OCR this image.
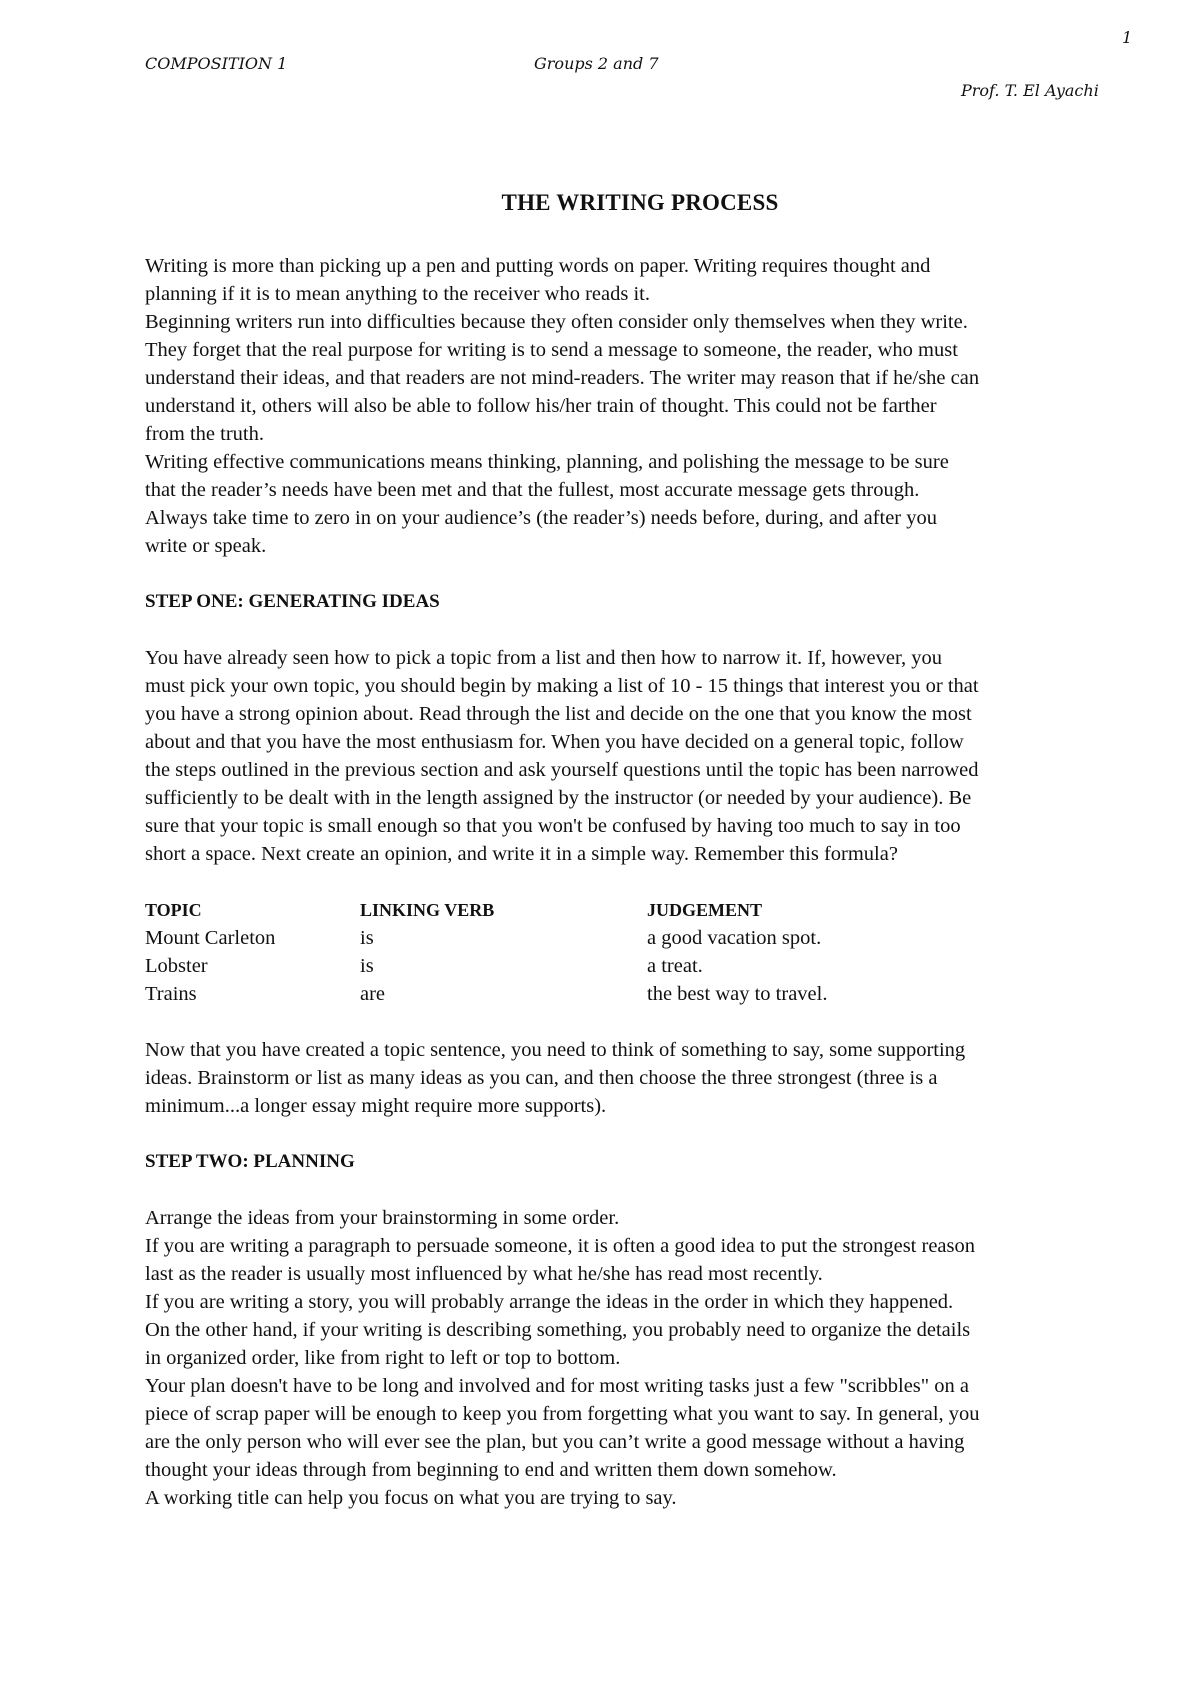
1
COMPOSITION 1	Groups 2 and 7
Prof. T. El Ayachi
THE WRITING PROCESS

Writing is more than picking up a pen and putting words on paper. Writing requires thought and

planning if it is to mean anything to the receiver who reads it.

Beginning writers run into difficulties because they often consider only themselves when they write.

They forget that the real purpose for writing is to send a message to someone, the reader, who must

understand their ideas, and that readers are not mind-readers. The writer may reason that if he/she can

understand it, others will also be able to follow his/her train of thought. This could not be farther

from the truth.

Writing effective communications means thinking, planning, and polishing the message to be sure

that the reader’s needs have been met and that the fullest, most accurate message gets through.

Always take time to zero in on your audience’s (the reader’s) needs before, during, and after you

write or speak.

STEP ONE: GENERATING IDEAS

You have already seen how to pick a topic from a list and then how to narrow it. If, however, you

must pick your own topic, you should begin by making a list of 10 - 15 things that interest you or that

you have a strong opinion about. Read through the list and decide on the one that you know the most

about and that you have the most enthusiasm for. When you have decided on a general topic, follow

the steps outlined in the previous section and ask yourself questions until the topic has been narrowed

sufficiently to be dealt with in the length assigned by the instructor (or needed by your audience). Be

sure that your topic is small enough so that you won't be confused by having too much to say in too

short a space. Next create an opinion, and write it in a simple way. Remember this formula?

TOPIC	LINKING VERB	JUDGEMENT
Mount Carleton	is	a good vacation spot.
Lobster	is	a treat.
Trains	are	the best way to travel.

Now that you have created a topic sentence, you need to think of something to say, some supporting

ideas. Brainstorm or list as many ideas as you can, and then choose the three strongest (three is a

minimum...a longer essay might require more supports).

STEP TWO: PLANNING

Arrange the ideas from your brainstorming in some order.

If you are writing a paragraph to persuade someone, it is often a good idea to put the strongest reason

last as the reader is usually most influenced by what he/she has read most recently.

If you are writing a story, you will probably arrange the ideas in the order in which they happened.

On the other hand, if your writing is describing something, you probably need to organize the details

in organized order, like from right to left or top to bottom.

Your plan doesn't have to be long and involved and for most writing tasks just a few "scribbles" on a

piece of scrap paper will be enough to keep you from forgetting what you want to say. In general, you

are the only person who will ever see the plan, but you can’t write a good message without a having

thought your ideas through from beginning to end and written them down somehow.

A working title can help you focus on what you are trying to say.
